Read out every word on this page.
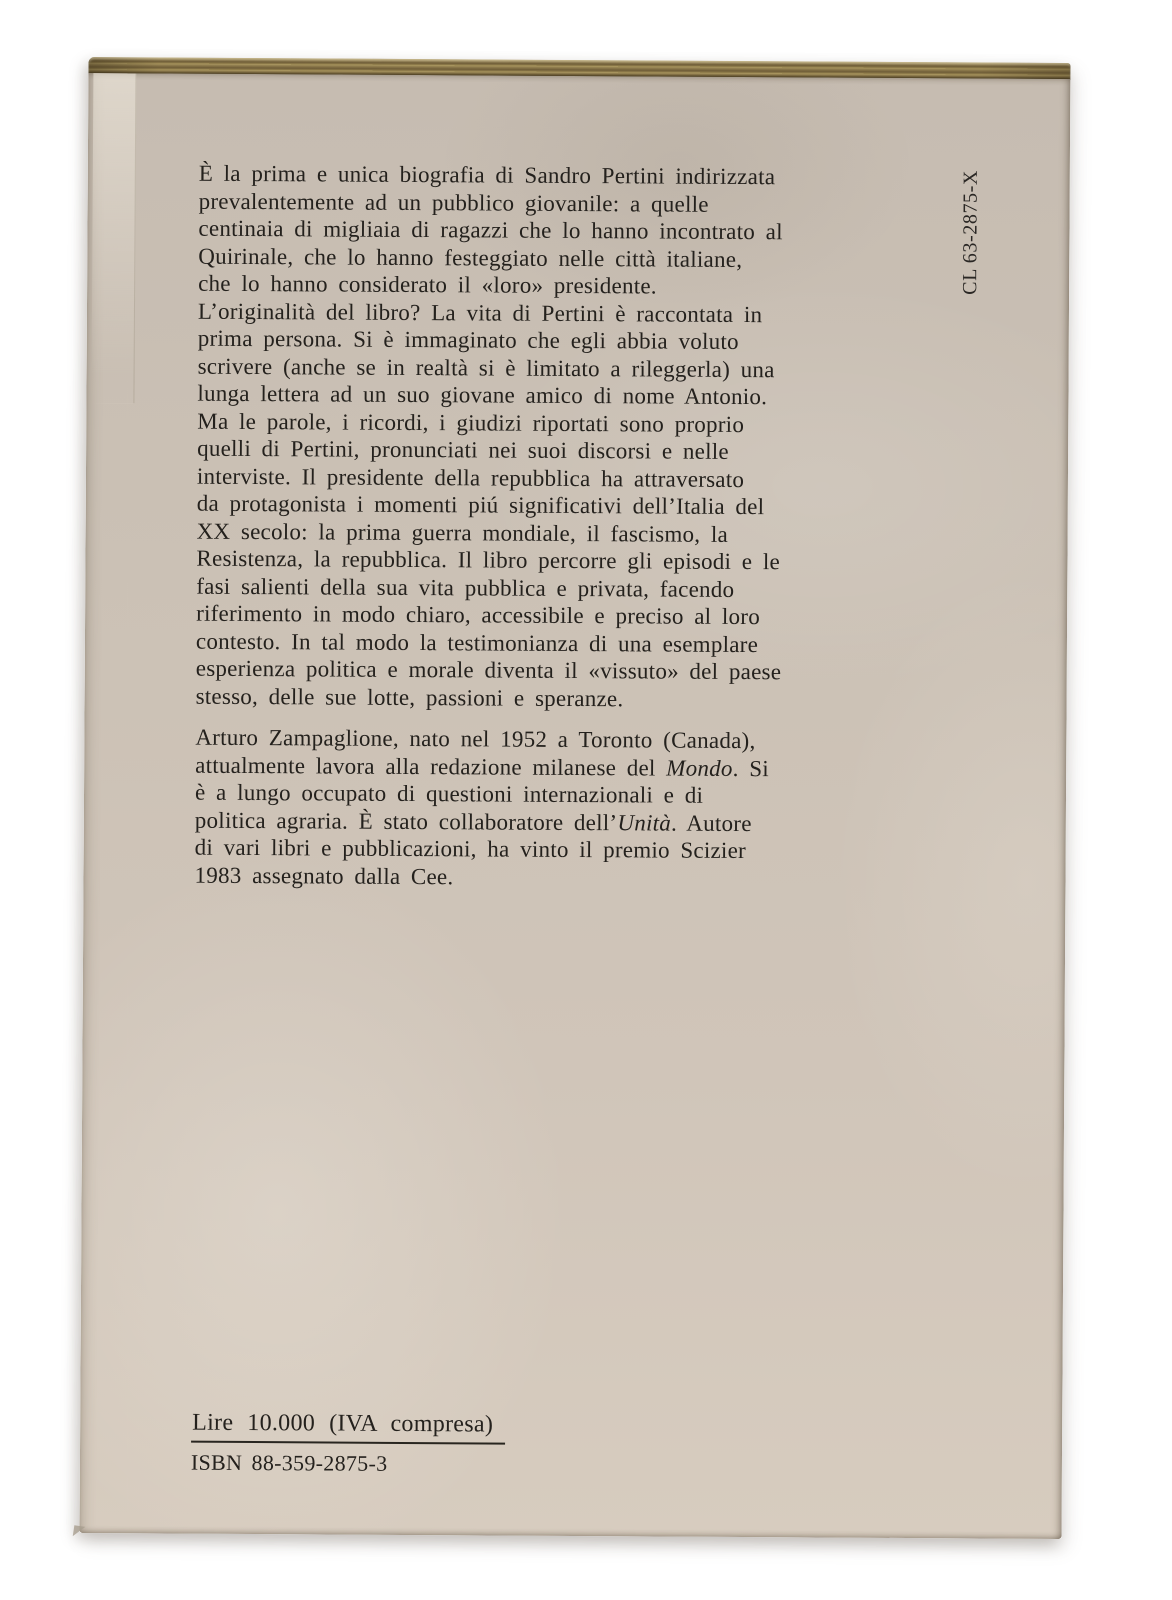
È la prima e unica biografia di Sandro Pertini indirizzata
prevalentemente ad un pubblico giovanile: a quelle
centinaia di migliaia di ragazzi che lo hanno incontrato al
Quirinale, che lo hanno festeggiato nelle città italiane,
che lo hanno considerato il «loro» presidente.
L’originalità del libro? La vita di Pertini è raccontata in
prima persona. Si è immaginato che egli abbia voluto
scrivere (anche se in realtà si è limitato a rileggerla) una
lunga lettera ad un suo giovane amico di nome Antonio.
Ma le parole, i ricordi, i giudizi riportati sono proprio
quelli di Pertini, pronunciati nei suoi discorsi e nelle
interviste. Il presidente della repubblica ha attraversato
da protagonista i momenti piú significativi dell’Italia del
XX secolo: la prima guerra mondiale, il fascismo, la
Resistenza, la repubblica. Il libro percorre gli episodi e le
fasi salienti della sua vita pubblica e privata, facendo
riferimento in modo chiaro, accessibile e preciso al loro
contesto. In tal modo la testimonianza di una esemplare
esperienza politica e morale diventa il «vissuto» del paese
stesso, delle sue lotte, passioni e speranze.
Arturo Zampaglione, nato nel 1952 a Toronto (Canada),
attualmente lavora alla redazione milanese del Mondo. Si
è a lungo occupato di questioni internazionali e di
politica agraria. È stato collaboratore dell’Unità. Autore
di vari libri e pubblicazioni, ha vinto il premio Scizier
1983 assegnato dalla Cee.
CL 63-2875-X
Lire 10.000 (IVA compresa)
ISBN 88-359-2875-3
